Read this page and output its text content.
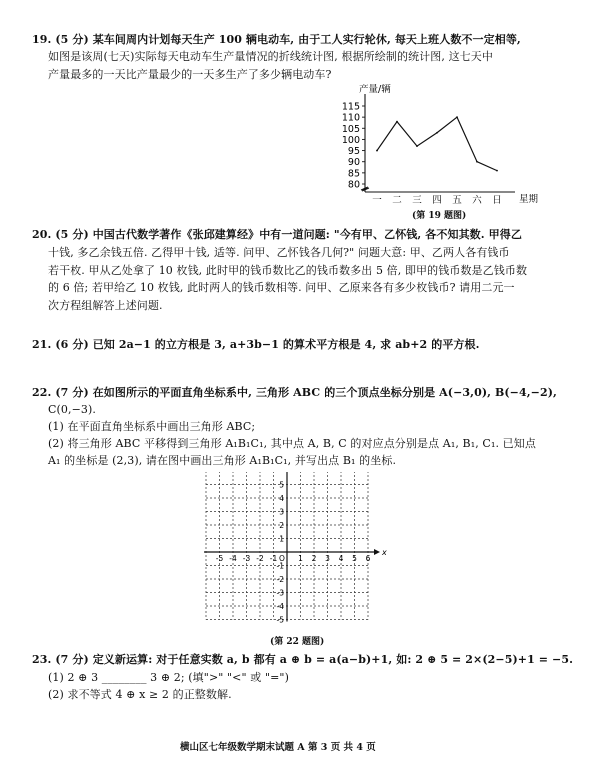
19. (5 分) 某车间周内计划每天生产 100 辆电动车, 由于工人实行轮休, 每天上班人数不一定相等,
如图是该周(七天)实际每天电动车生产量情况的折线统计图, 根据所绘制的统计图, 这七天中
产量最多的一天比产量最少的一天多生产了多少辆电动车?
产量/辆
星期
80
85
90
95
100
105
110
115
一 二 三 四 五 六 日
(第 19 题图)
20. (5 分) 中国古代数学著作《张邱建算经》中有一道问题: "今有甲、乙怀钱, 各不知其数. 甲得乙
十钱, 多乙余钱五倍. 乙得甲十钱, 适等. 问甲、乙怀钱各几何?" 问题大意: 甲、乙两人各有钱币
若干枚. 甲从乙处拿了 10 枚钱, 此时甲的钱币数比乙的钱币数多出 5 倍, 即甲的钱币数是乙钱币数
的 6 倍; 若甲给乙 10 枚钱, 此时两人的钱币数相等. 问甲、乙原来各有多少枚钱币? 请用二元一
次方程组解答上述问题.
21. (6 分) 已知 2a−1 的立方根是 3, a+3b−1 的算术平方根是 4, 求 ab+2 的平方根.
22. (7 分) 在如图所示的平面直角坐标系中, 三角形 ABC 的三个顶点坐标分别是 A(−3,0), B(−4,−2),
C(0,−3).
(1) 在平面直角坐标系中画出三角形 ABC;
(2) 将三角形 ABC 平移得到三角形 A₁B₁C₁, 其中点 A, B, C 的对应点分别是点 A₁, B₁, C₁. 已知点
A₁ 的坐标是 (2,3), 请在图中画出三角形 A₁B₁C₁, 并写出点 B₁ 的坐标.
x
-5 -4 -3 -2 -1 O 1 2 3 4 5 6
5
4
3
2
1
-1
-2
-3
-4
-5
(第 22 题图)
23. (7 分) 定义新运算: 对于任意实数 a, b 都有 a ⊕ b = a(a−b)+1, 如: 2 ⊕ 5 = 2×(2−5)+1 = −5.
(1) 2 ⊕ 3 ________ 3 ⊕ 2; (填">" "<" 或 "=")
(2) 求不等式 4 ⊕ x ≥ 2 的正整数解.
横山区七年级数学期末试题 A 第 3 页 共 4 页
